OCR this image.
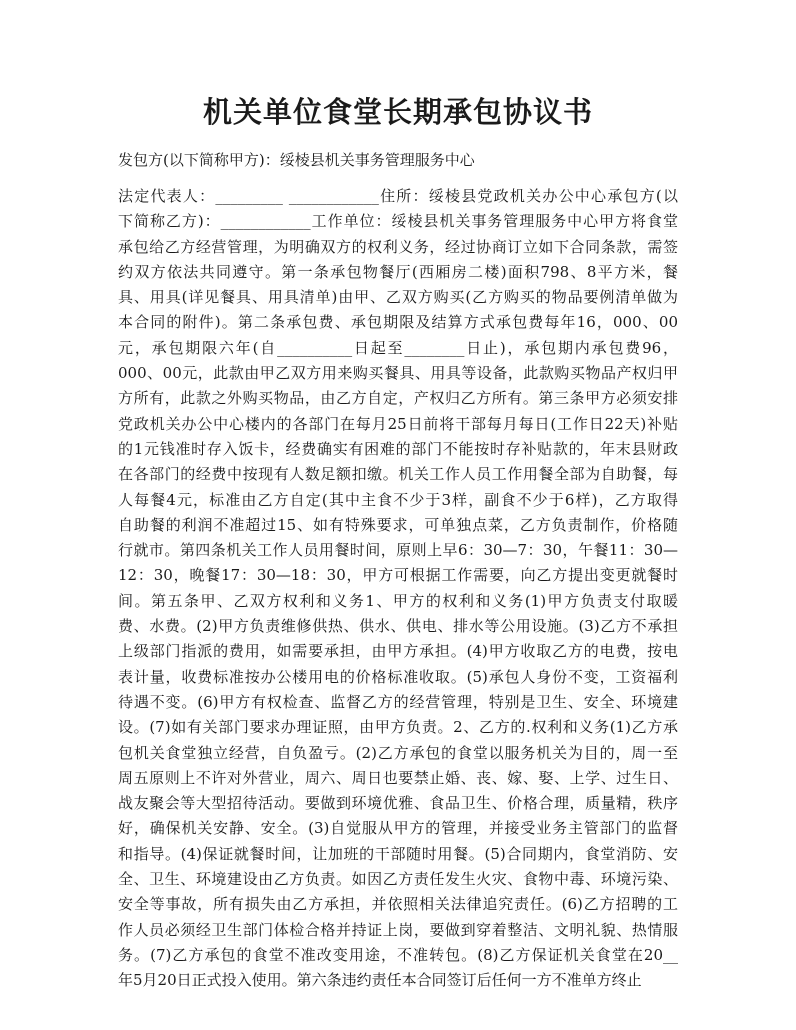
机关单位食堂长期承包协议书

发包方(以下简称甲方)：绥棱县机关事务管理服务中心

法定代表人：_________ ____________住所：绥棱县党政机关办公中心承包方(以
下简称乙方)：____________工作单位：绥棱县机关事务管理服务中心甲方将食堂
承包给乙方经营管理，为明确双方的权利义务，经过协商订立如下合同条款，需签
约双方依法共同遵守。第一条承包物餐厅(西厢房二楼)面积798、8平方米，餐
具、用具(详见餐具、用具清单)由甲、乙双方购买(乙方购买的物品要例清单做为
本合同的附件)。第二条承包费、承包期限及结算方式承包费每年16，000、00
元，承包期限六年(自__________日起至________日止)，承包期内承包费96，
000、00元，此款由甲乙双方用来购买餐具、用具等设备，此款购买物品产权归甲
方所有，此款之外购买物品，由乙方自定，产权归乙方所有。第三条甲方必须安排
党政机关办公中心楼内的各部门在每月25日前将干部每月每日(工作日22天)补贴
的1元钱准时存入饭卡，经费确实有困难的部门不能按时存补贴款的，年末县财政
在各部门的经费中按现有人数足额扣缴。机关工作人员工作用餐全部为自助餐，每
人每餐4元，标准由乙方自定(其中主食不少于3样，副食不少于6样)，乙方取得
自助餐的利润不准超过15、如有特殊要求，可单独点菜，乙方负责制作，价格随
行就市。第四条机关工作人员用餐时间，原则上早6：30—7：30，午餐11：30—
12：30，晚餐17：30—18：30，甲方可根据工作需要，向乙方提出变更就餐时
间。第五条甲、乙双方权利和义务1、甲方的权利和义务(1)甲方负责支付取暖
费、水费。(2)甲方负责维修供热、供水、供电、排水等公用设施。(3)乙方不承担
上级部门指派的费用，如需要承担，由甲方承担。(4)甲方收取乙方的电费，按电
表计量，收费标准按办公楼用电的价格标准收取。(5)承包人身份不变，工资福利
待遇不变。(6)甲方有权检查、监督乙方的经营管理，特别是卫生、安全、环境建
设。(7)如有关部门要求办理证照，由甲方负责。2、乙方的.权利和义务(1)乙方承
包机关食堂独立经营，自负盈亏。(2)乙方承包的食堂以服务机关为目的，周一至
周五原则上不许对外营业，周六、周日也要禁止婚、丧、嫁、娶、上学、过生日、
战友聚会等大型招待活动。要做到环境优雅、食品卫生、价格合理，质量精，秩序
好，确保机关安静、安全。(3)自觉服从甲方的管理，并接受业务主管部门的监督
和指导。(4)保证就餐时间，让加班的干部随时用餐。(5)合同期内，食堂消防、安
全、卫生、环境建设由乙方负责。如因乙方责任发生火灾、食物中毒、环境污染、
安全等事故，所有损失由乙方承担，并依照相关法律追究责任。(6)乙方招聘的工
作人员必须经卫生部门体检合格并持证上岗，要做到穿着整洁、文明礼貌、热情服
务。(7)乙方承包的食堂不准改变用途，不准转包。(8)乙方保证机关食堂在20__
年5月20日正式投入使用。第六条违约责任本合同签订后任何一方不准单方终止
